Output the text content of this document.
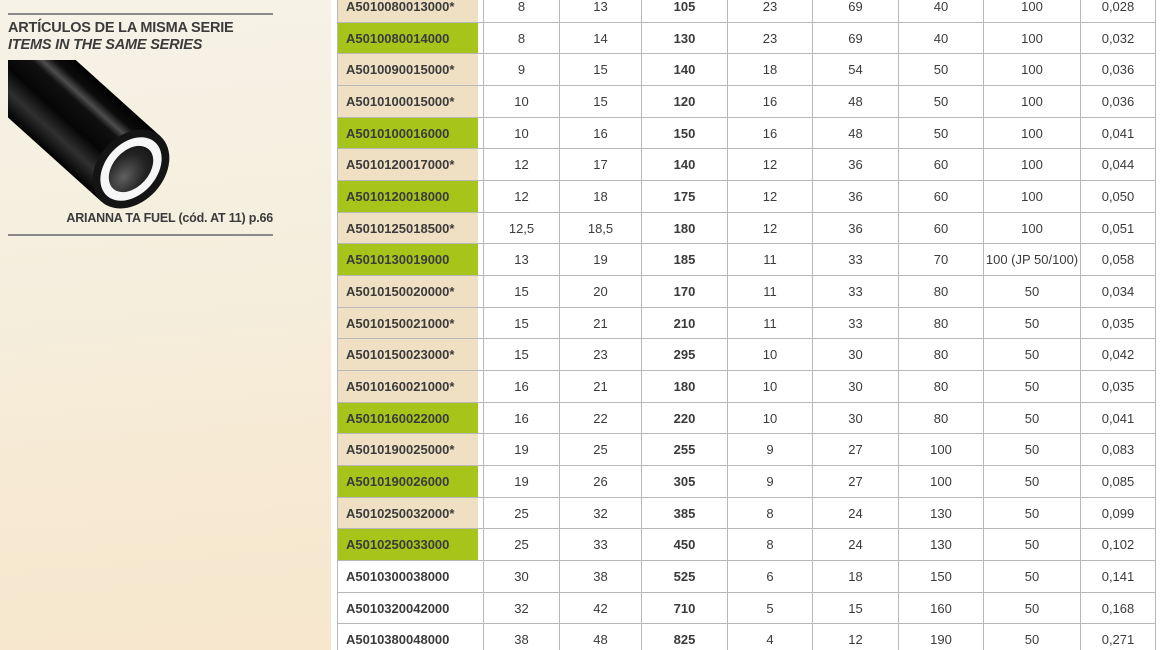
ARTÍCULOS DE LA MISMA SERIE
ITEMS IN THE SAME SERIES
ARIANNA TA FUEL (cód. AT 11) p.66
A5010080013000*	8	13	105	23	69	40	100	0,028
A5010080014000	8	14	130	23	69	40	100	0,032
A5010090015000*	9	15	140	18	54	50	100	0,036
A5010100015000*	10	15	120	16	48	50	100	0,036
A5010100016000	10	16	150	16	48	50	100	0,041
A5010120017000*	12	17	140	12	36	60	100	0,044
A5010120018000	12	18	175	12	36	60	100	0,050
A5010125018500*	12,5	18,5	180	12	36	60	100	0,051
A5010130019000	13	19	185	11	33	70	100 (JP 50/100)	0,058
A5010150020000*	15	20	170	11	33	80	50	0,034
A5010150021000*	15	21	210	11	33	80	50	0,035
A5010150023000*	15	23	295	10	30	80	50	0,042
A5010160021000*	16	21	180	10	30	80	50	0,035
A5010160022000	16	22	220	10	30	80	50	0,041
A5010190025000*	19	25	255	9	27	100	50	0,083
A5010190026000	19	26	305	9	27	100	50	0,085
A5010250032000*	25	32	385	8	24	130	50	0,099
A5010250033000	25	33	450	8	24	130	50	0,102
A5010300038000	30	38	525	6	18	150	50	0,141
A5010320042000	32	42	710	5	15	160	50	0,168
A5010380048000	38	48	825	4	12	190	50	0,271
